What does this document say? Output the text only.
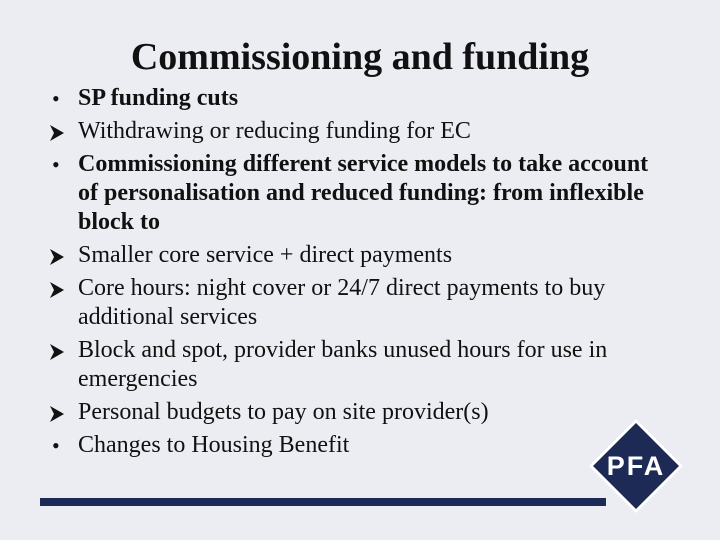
Commissioning and funding
•
SP funding cuts
Withdrawing or reducing funding for EC
•
Commissioning different service models to take account of personalisation and reduced funding: from inflexible block to
Smaller core service + direct payments
Core hours: night cover or 24/7 direct payments to buy additional services
Block and spot, provider banks unused hours for use in emergencies
Personal budgets to pay on site provider(s)
•
Changes to Housing Benefit
PFA
